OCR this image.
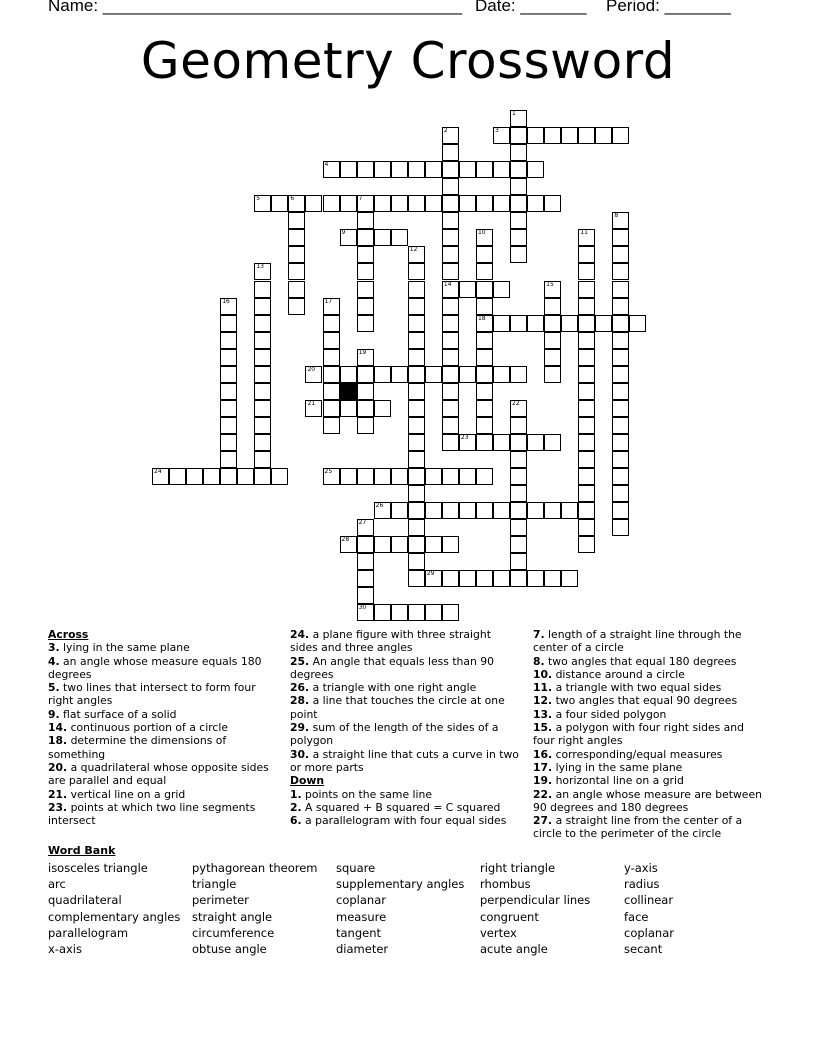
Name: ______________________________________ Date: _______ Period: _______
Geometry Crossword
3
4
5	6	7
9
14
18
20
21
23
24	25
26
28
29
30
1
2
8
10	11
12
13
15
16	17
19
22
27
Across
3. lying in the same plane
4. an angle whose measure equals 180 degrees
5. two lines that intersect to form four right angles
9. flat surface of a solid
14. continuous portion of a circle
18. determine the dimensions of something
20. a quadrilateral whose opposite sides are parallel and equal
21. vertical line on a grid
23. points at which two line segments intersect
24. a plane figure with three straight sides and three angles
25. An angle that equals less than 90 degrees
26. a triangle with one right angle
28. a line that touches the circle at one point
29. sum of the length of the sides of a polygon
30. a straight line that cuts a curve in two or more parts
Down
1. points on the same line
2. A squared + B squared = C squared
6. a parallelogram with four equal sides
7. length of a straight line through the center of a circle
8. two angles that equal 180 degrees
10. distance around a circle
11. a triangle with two equal sides
12. two angles that equal 90 degrees
13. a four sided polygon
15. a polygon with four right sides and four right angles
16. corresponding/equal measures
17. lying in the same plane
19. horizontal line on a grid
22. an angle whose measure are between 90 degrees and 180 degrees
27. a straight line from the center of a circle to the perimeter of the circle
Word Bank
isosceles triangle
arc
quadrilateral
complementary angles
parallelogram
x-axis
pythagorean theorem
triangle
perimeter
straight angle
circumference
obtuse angle
square
supplementary angles
coplanar
measure
tangent
diameter
right triangle
rhombus
perpendicular lines
congruent
vertex
acute angle
y-axis
radius
collinear
face
coplanar
secant
